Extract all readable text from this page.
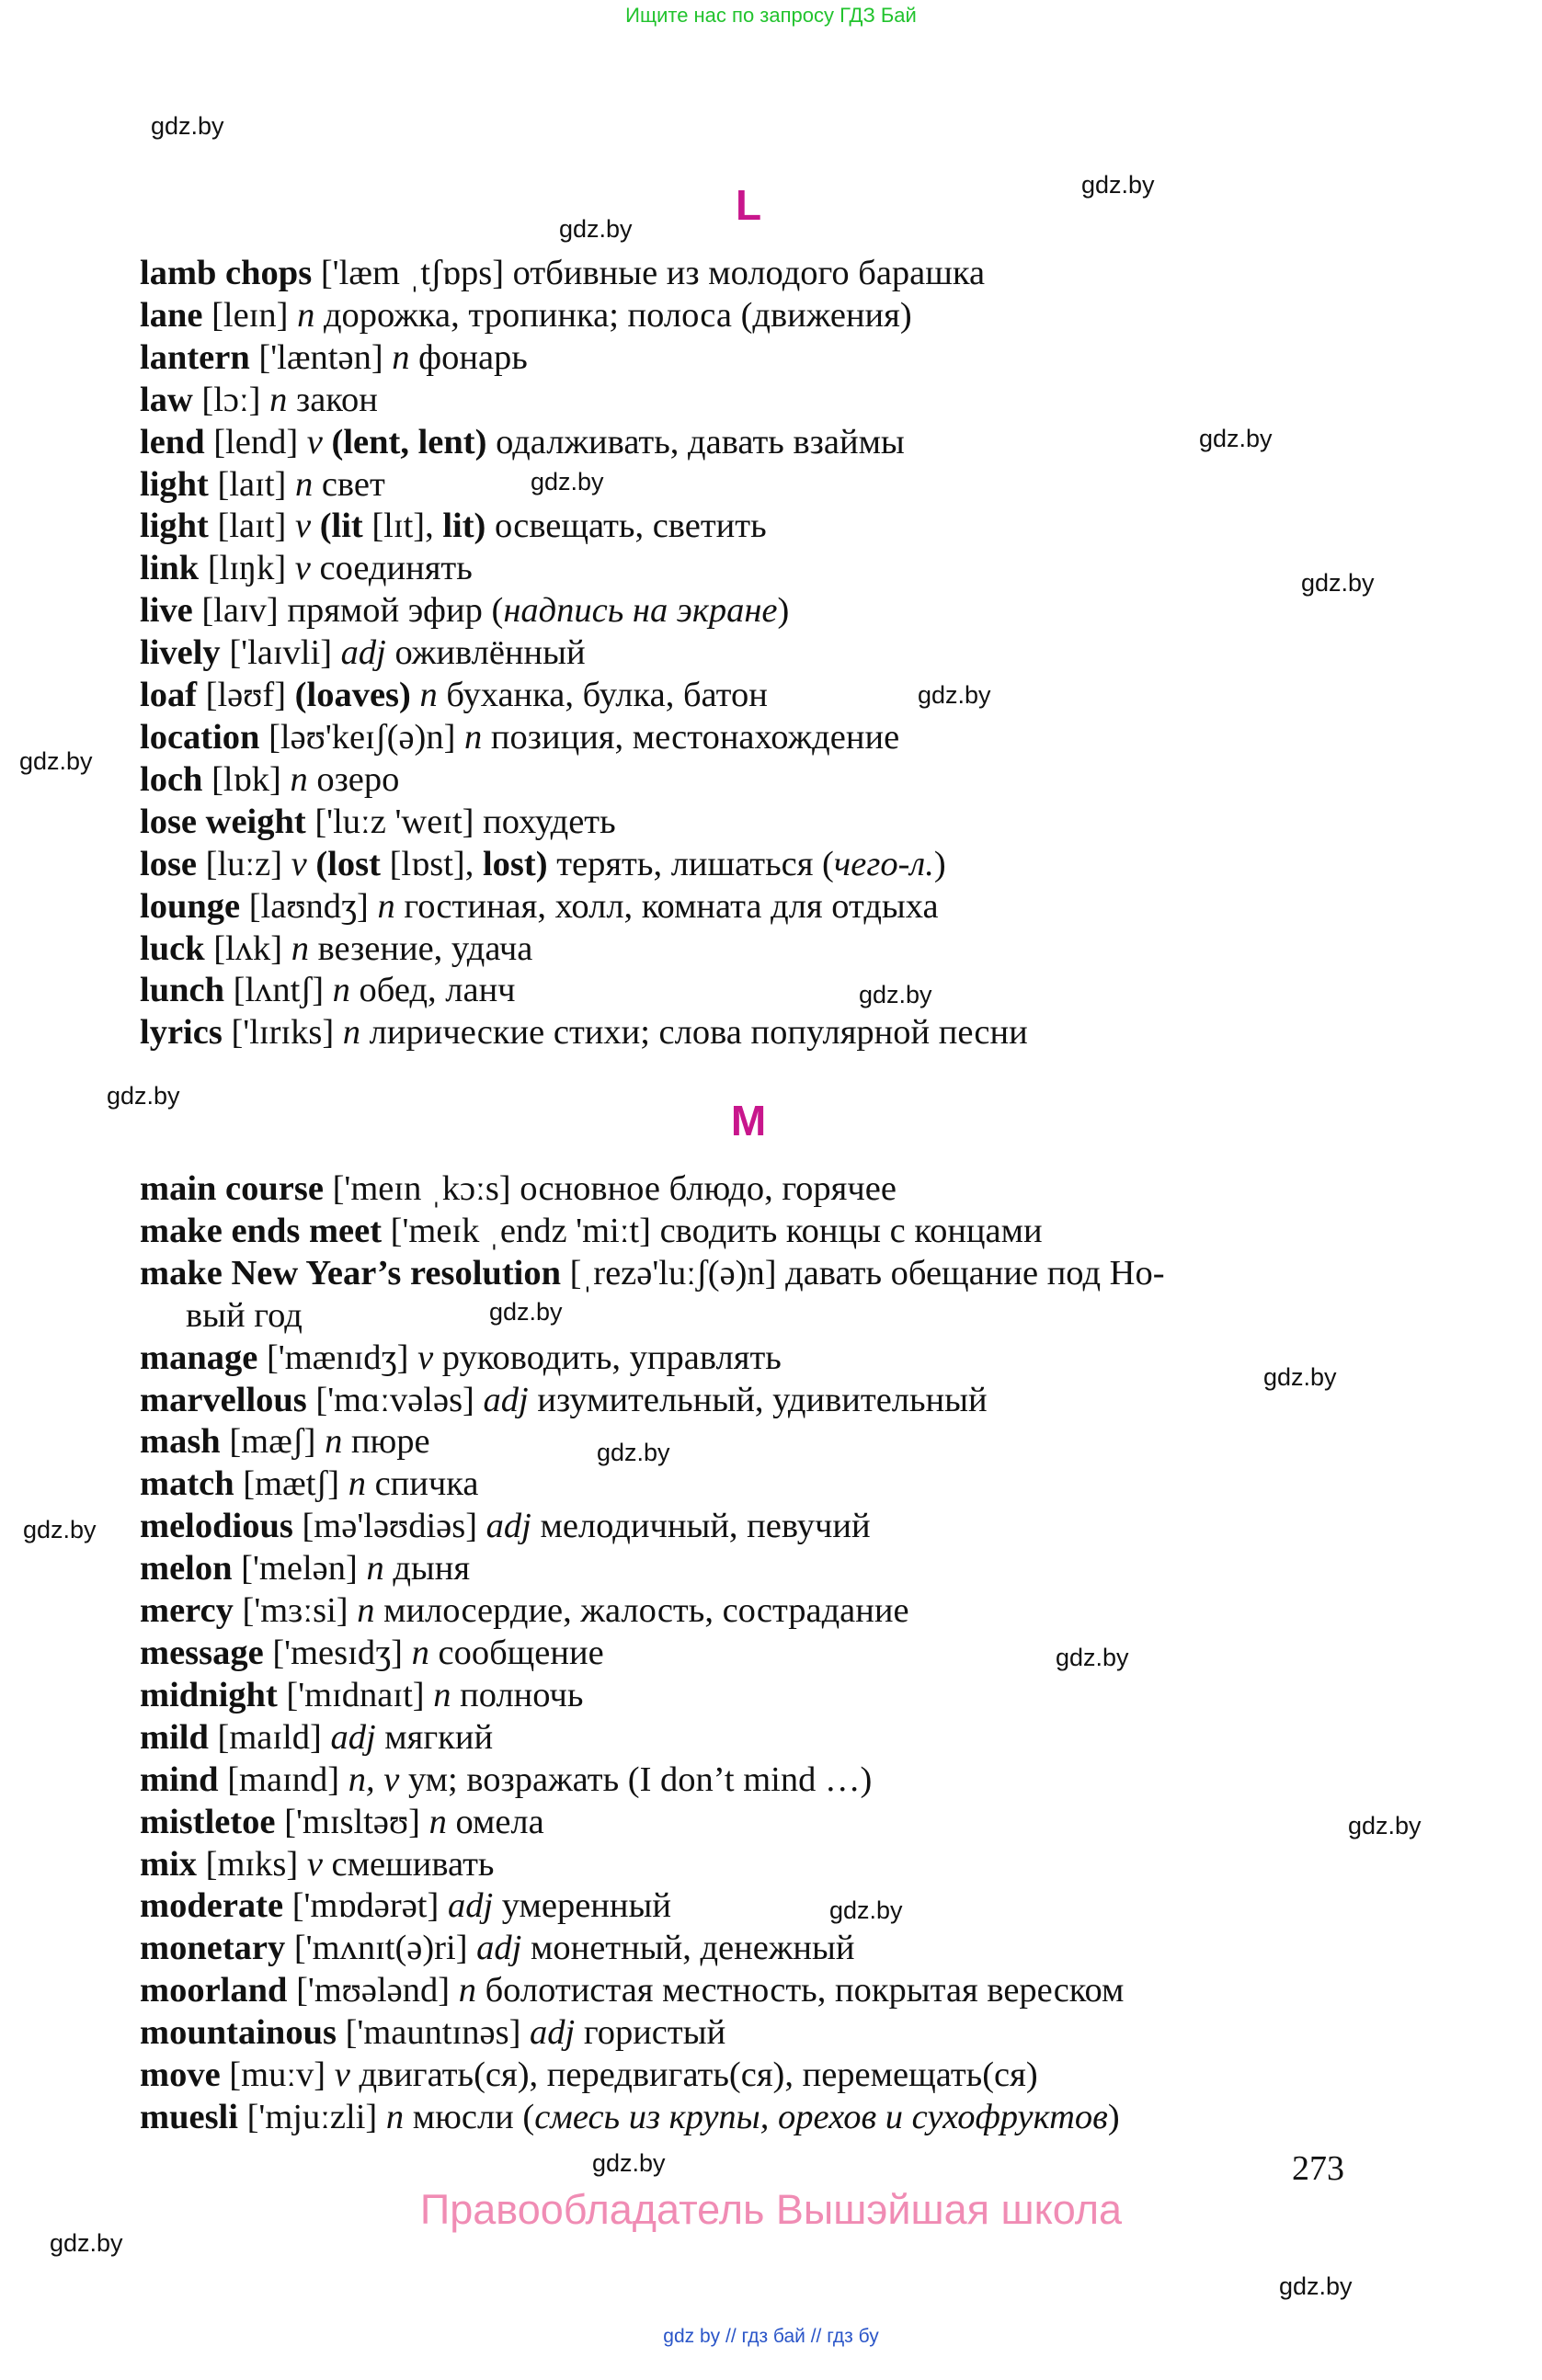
Ищите нас по запросу ГДЗ Бай
L
lamb chops ['læm ˌtʃɒps] отбивные из молодого барашка
lane [leɪn] n дорожка, тропинка; полоса (движения)
lantern ['læntən] n фонарь
law [lɔː] n закон
lend [lend] v (lent, lent) одалживать, давать взаймы
light [laɪt] n свет
light [laɪt] v (lit [lɪt], lit) освещать, светить
link [lɪŋk] v соединять
live [laɪv] прямой эфир (надпись на экране)
lively ['laɪvli] adj оживлённый
loaf [ləʊf] (loaves) n буханка, булка, батон
location [ləʊ'keɪʃ(ə)n] n позиция, местонахождение
loch [lɒk] n озеро
lose weight ['luːz 'weɪt] похудеть
lose [luːz] v (lost [lɒst], lost) терять, лишаться (чего-л.)
lounge [laʊndʒ] n гостиная, холл, комната для отдыха
luck [lʌk] n везение, удача
lunch [lʌntʃ] n обед, ланч
lyrics ['lɪrɪks] n лирические стихи; слова популярной песни
M
main course ['meɪn ˌkɔːs] основное блюдо, горячее
make ends meet ['meɪk ˌendz 'miːt] сводить концы с концами
make New Year’s resolution [ˌrezə'luːʃ(ə)n] давать обещание под Но-
вый год
manage ['mænɪdʒ] v руководить, управлять
marvellous ['mɑːvələs] adj изумительный, удивительный
mash [mæʃ] n пюре
match [mætʃ] n спичка
melodious [mə'ləʊdiəs] adj мелодичный, певучий
melon ['melən] n дыня
mercy ['mɜːsi] n милосердие, жалость, сострадание
message ['mesɪdʒ] n сообщение
midnight ['mɪdnaɪt] n полночь
mild [maɪld] adj мягкий
mind [maɪnd] n, v ум; возражать (I don’t mind …)
mistletoe ['mɪsltəʊ] n омела
mix [mɪks] v смешивать
moderate ['mɒdərət] adj умеренный
monetary ['mʌnɪt(ə)ri] adj монетный, денежный
moorland ['mʊələnd] n болотистая местность, покрытая вереском
mountainous ['mauntɪnəs] adj гористый
move [muːv] v двигать(ся), передвигать(ся), перемещать(ся)
muesli ['mjuːzli] n мюсли (смесь из крупы, орехов и сухофруктов)
gdz.by
gdz.by
gdz.by
gdz.by
gdz.by
gdz.by
gdz.by
gdz.by
gdz.by
gdz.by
gdz.by
gdz.by
gdz.by
gdz.by
gdz.by
gdz.by
gdz.by
gdz.by
gdz.by
gdz.by
273
Правообладатель Вышэйшая школа
gdz by // гдз бай // гдз бу
